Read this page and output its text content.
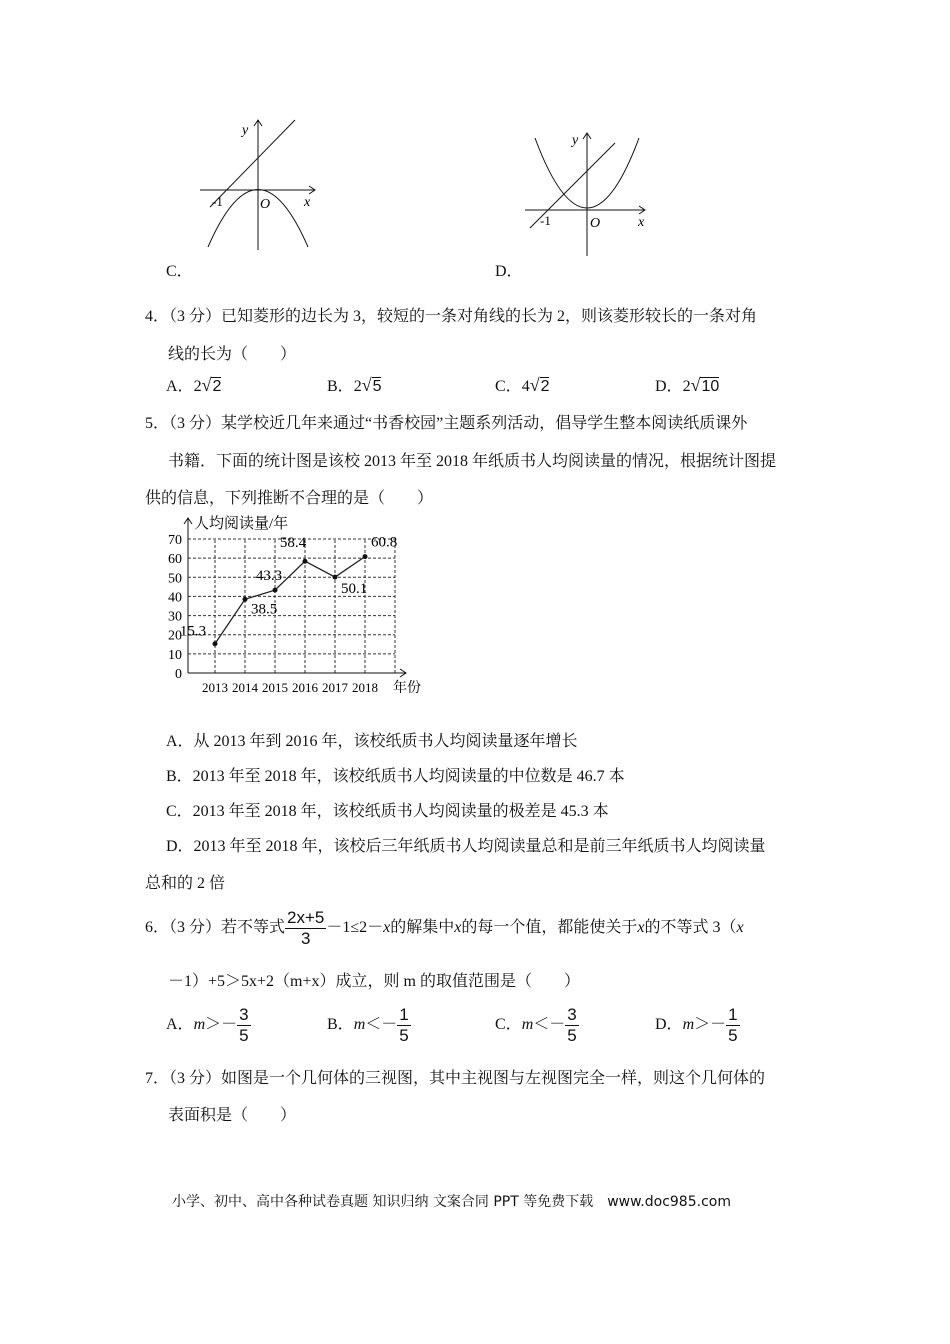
y
x
O
-1
C．
y
x
O
-1
D．
4．（3 分）已知菱形的边长为 3，较短的一条对角线的长为 2，则该菱形较长的一条对角
线的长为（　　）
A．2√2	B．2√5	C．4√2	D．2√10
5．（3 分）某学校近几年来通过“书香校园”主题系列活动，倡导学生整本阅读纸质课外
书籍．下面的统计图是该校 2013 年至 2018 年纸质书人均阅读量的情况，根据统计图提
供的信息，下列推断不合理的是（　　）
0
10
20
30
40
50
60
70
2013 2014 2015 2016 2017 2018
人均阅读量/年
年份
15.3
38.5
43.3
58.4
50.1
60.8
A．从 2013 年到 2016 年，该校纸质书人均阅读量逐年增长
B．2013 年至 2018 年，该校纸质书人均阅读量的中位数是 46.7 本
C．2013 年至 2018 年，该校纸质书人均阅读量的极差是 45.3 本
D．2013 年至 2018 年，该校后三年纸质书人均阅读量总和是前三年纸质书人均阅读量
总和的 2 倍
6．（3 分）若不等式 $\frac{2x+5}{3} -1\le 2-x$的解集中x的每一个值，都能使关于x的不等式 3（x
－1）+5＞5x+2（m+x）成立，则 m 的取值范围是（　　）
A．$m>- \frac{3}{5}$	B．$m<- \frac{1}{5}$	C．$m<- \frac{3}{5}$	D．$m>- \frac{1}{5}$
7．（3 分）如图是一个几何体的三视图，其中主视图与左视图完全一样，则这个几何体的
表面积是（　　）
小学、初中、高中各种试卷真题 知识归纳 文案合同 PPT 等免费下载　www.doc985.com
